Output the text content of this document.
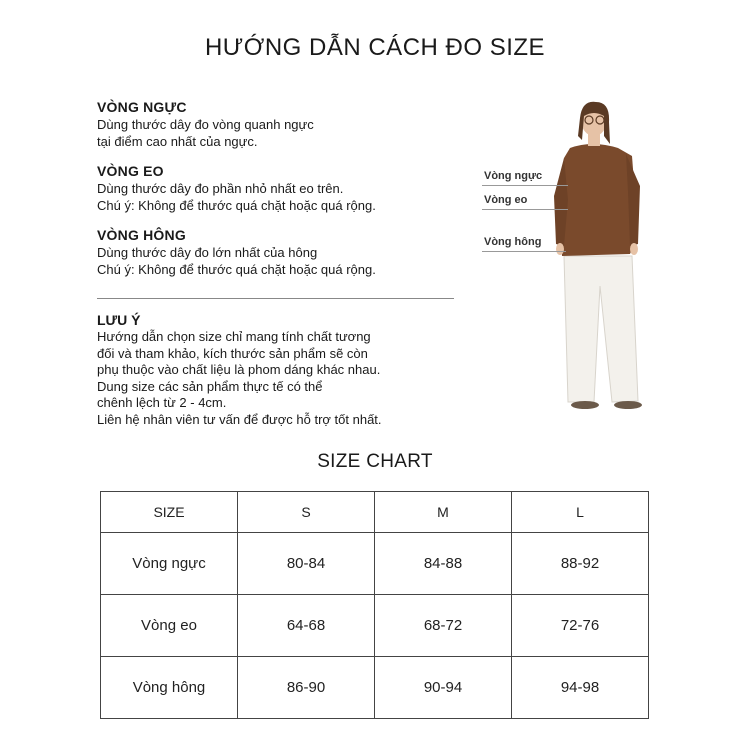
HƯỚNG DẪN CÁCH ĐO SIZE
VÒNG NGỰC

Dùng thước dây đo vòng quanh ngực

tại điểm cao nhất của ngực.

VÒNG EO

Dùng thước dây đo phần nhỏ nhất eo trên.

Chú ý: Không để thước quá chặt hoặc quá rộng.

VÒNG HÔNG

Dùng thước dây đo lớn nhất của hông

Chú ý: Không để thước quá chặt hoặc quá rộng.

LƯU Ý

Hướng dẫn chọn size chỉ mang tính chất tương

đối và tham khảo, kích thước sản phẩm sẽ còn

phụ thuộc vào chất liệu là phom dáng khác nhau.

Dung size các sản phẩm thực tế có thể

chênh lệch từ 2 - 4cm.

Liên hệ nhân viên tư vấn để được hỗ trợ tốt nhất.

Vòng ngực
Vòng eo
Vòng hông
SIZE CHART
SIZE	S	M	L
Vòng ngực	80-84	84-88	88-92
Vòng eo	64-68	68-72	72-76
Vòng hông	86-90	90-94	94-98
